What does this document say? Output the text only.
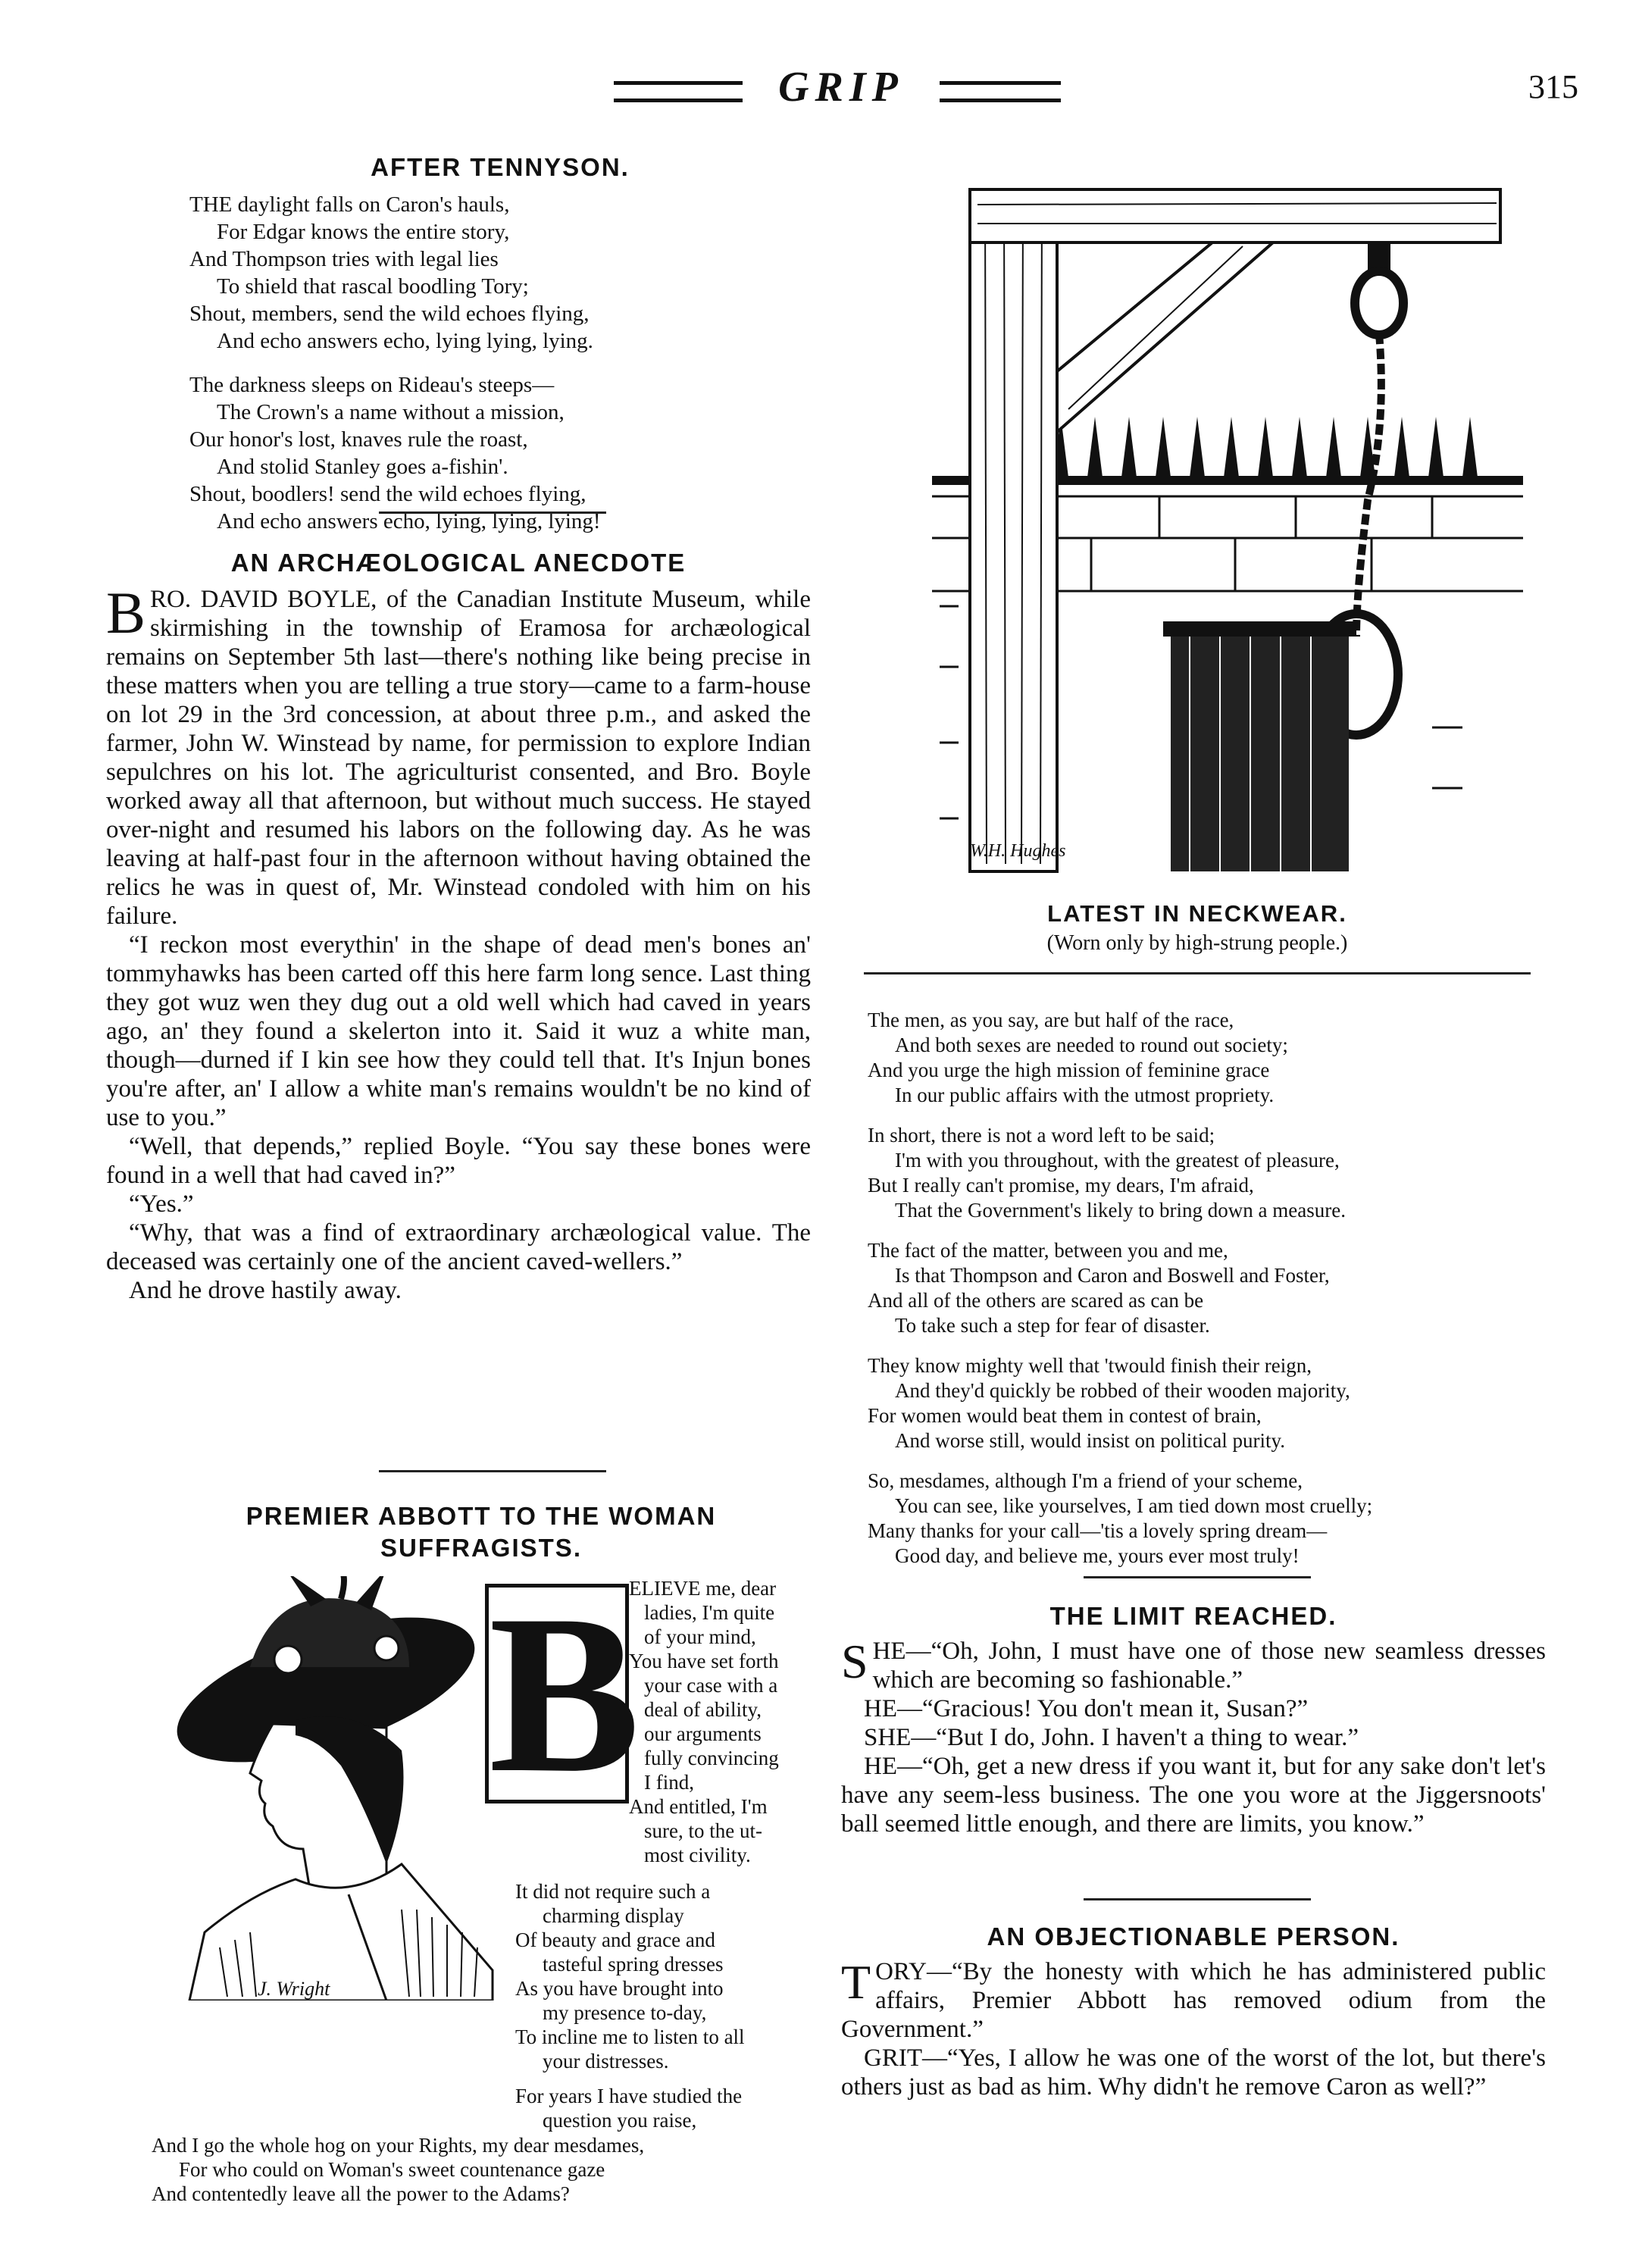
GRIP	315
AFTER TENNYSON.
THE daylight falls on Caron's hauls,
For Edgar knows the entire story,
And Thompson tries with legal lies
To shield that rascal boodling Tory;
Shout, members, send the wild echoes flying,
And echo answers echo, lying lying, lying.
The darkness sleeps on Rideau's steeps—
The Crown's a name without a mission,
Our honor's lost, knaves rule the roast,
And stolid Stanley goes a-fishin'.
Shout, boodlers! send the wild echoes flying,
And echo answers echo, lying, lying, lying!
AN ARCHÆOLOGICAL ANECDOTE

BRO. DAVID BOYLE, of the Canadian Institute Museum, while skirmishing in the township of Eramosa for archæological remains on September 5th last—there's nothing like being precise in these matters when you are telling a true story—came to a farm-house on lot 29 in the 3rd concession, at about three p.m., and asked the farmer, John W. Winstead by name, for permission to explore Indian sepulchres on his lot. The agriculturist consented, and Bro. Boyle worked away all that afternoon, but without much success. He stayed over-night and resumed his labors on the following day. As he was leaving at half-past four in the afternoon without having obtained the relics he was in quest of, Mr. Winstead condoled with him on his failure.

“I reckon most everythin' in the shape of dead men's bones an' tommyhawks has been carted off this here farm long sence. Last thing they got wuz wen they dug out a old well which had caved in years ago, an' they found a skelerton into it. Said it wuz a white man, though—durned if I kin see how they could tell that. It's Injun bones you're after, an' I allow a white man's remains wouldn't be no kind of use to you.”

“Well, that depends,” replied Boyle. “You say these bones were found in a well that had caved in?”

“Yes.”

“Why, that was a find of extraordinary archæological value. The deceased was certainly one of the ancient caved-wellers.”

And he drove hastily away.

PREMIER ABBOTT TO THE WOMAN SUFFRAGISTS.
J. Wright
B
ELIEVE me, dear
ladies, I'm quite
of your mind,
You have set forth
your case with a
deal of ability,
our arguments
fully convincing
I find,
And entitled, I'm
sure, to the ut-
most civility.
It did not require such a
charming display
Of beauty and grace and
tasteful spring dresses
As you have brought into
my presence to-day,
To incline me to listen to all
your distresses.
For years I have studied the
question you raise,
And I go the whole hog on your Rights, my dear mesdames,
For who could on Woman's sweet countenance gaze
And contentedly leave all the power to the Adams?
W.H. Hughes
LATEST IN NECKWEAR.
(Worn only by high-strung people.)
The men, as you say, are but half of the race,
And both sexes are needed to round out society;
And you urge the high mission of feminine grace
In our public affairs with the utmost propriety.
In short, there is not a word left to be said;
I'm with you throughout, with the greatest of pleasure,
But I really can't promise, my dears, I'm afraid,
That the Government's likely to bring down a measure.
The fact of the matter, between you and me,
Is that Thompson and Caron and Boswell and Foster,
And all of the others are scared as can be
To take such a step for fear of disaster.
They know mighty well that 'twould finish their reign,
And they'd quickly be robbed of their wooden majority,
For women would beat them in contest of brain,
And worse still, would insist on political purity.
So, mesdames, although I'm a friend of your scheme,
You can see, like yourselves, I am tied down most cruelly;
Many thanks for your call—'tis a lovely spring dream—
Good day, and believe me, yours ever most truly!
THE LIMIT REACHED.

SHE—“Oh, John, I must have one of those new seamless dresses which are becoming so fashionable.”

HE—“Gracious! You don't mean it, Susan?”

SHE—“But I do, John. I haven't a thing to wear.”

HE—“Oh, get a new dress if you want it, but for any sake don't let's have any seem-less business. The one you wore at the Jiggersnoots' ball seemed little enough, and there are limits, you know.”

AN OBJECTIONABLE PERSON.

TORY—“By the honesty with which he has administered public affairs, Premier Abbott has removed odium from the Government.”

GRIT—“Yes, I allow he was one of the worst of the lot, but there's others just as bad as him. Why didn't he remove Caron as well?”
